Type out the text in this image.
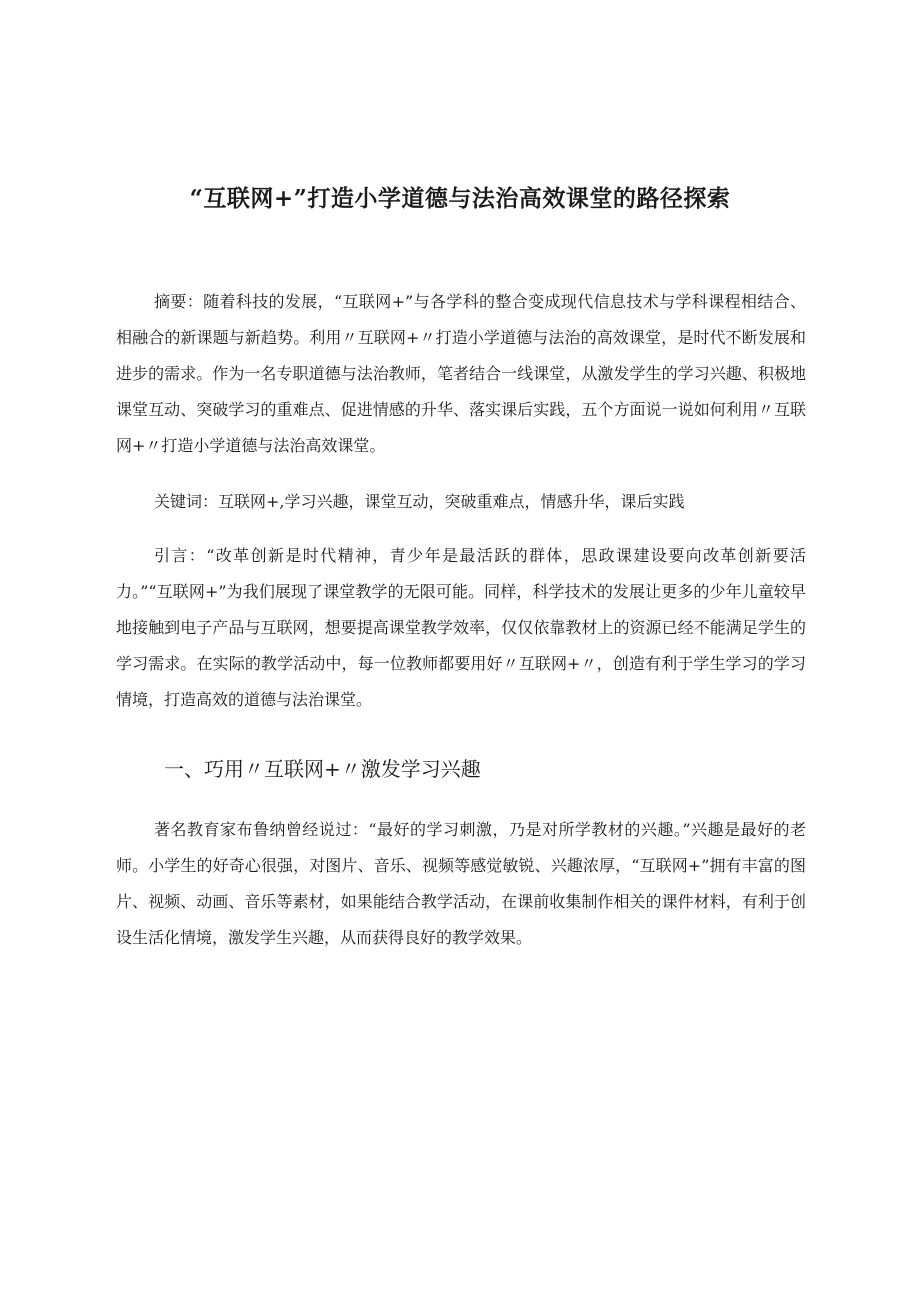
“互联网+”打造小学道德与法治高效课堂的路径探索

摘要：随着科技的发展，“互联网+”与各学科的整合变成现代信息技术与学科课程相结合、相融合的新课题与新趋势。利用〃互联网+〃打造小学道德与法治的高效课堂，是时代不断发展和进步的需求。作为一名专职道德与法治教师，笔者结合一线课堂，从激发学生的学习兴趣、积极地课堂互动、突破学习的重难点、促进情感的升华、落实课后实践，五个方面说一说如何利用〃互联网+〃打造小学道德与法治高效课堂。

关键词：互联网+,学习兴趣，课堂互动，突破重难点，情感升华，课后实践

引言：“改革创新是时代精神，青少年是最活跃的群体，思政课建设要向改革创新要活力。”“互联网+”为我们展现了课堂教学的无限可能。同样，科学技术的发展让更多的少年儿童较早地接触到电子产品与互联网，想要提高课堂教学效率，仅仅依靠教材上的资源已经不能满足学生的学习需求。在实际的教学活动中，每一位教师都要用好〃互联网+〃，创造有利于学生学习的学习情境，打造高效的道德与法治课堂。

一、巧用〃互联网+〃激发学习兴趣

著名教育家布鲁纳曾经说过：“最好的学习刺激，乃是对所学教材的兴趣。”兴趣是最好的老师。小学生的好奇心很强，对图片、音乐、视频等感觉敏锐、兴趣浓厚，“互联网+”拥有丰富的图片、视频、动画、音乐等素材，如果能结合教学活动，在课前收集制作相关的课件材料，有利于创设生活化情境，激发学生兴趣，从而获得良好的教学效果。
